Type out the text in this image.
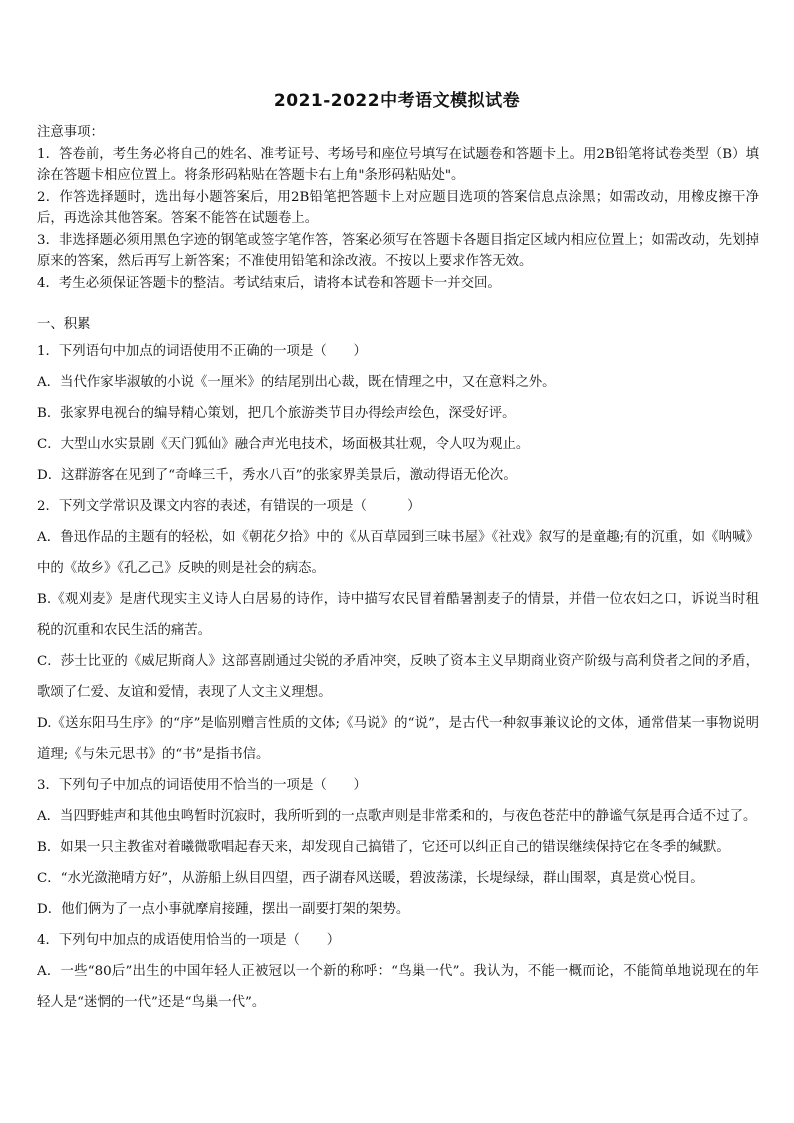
2021-2022中考语文模拟试卷
注意事项：
1．答卷前，考生务必将自己的姓名、准考证号、考场号和座位号填写在试题卷和答题卡上。用2B铅笔将试卷类型（B）填涂在答题卡相应位置上。将条形码粘贴在答题卡右上角"条形码粘贴处"。
2．作答选择题时，选出每小题答案后，用2B铅笔把答题卡上对应题目选项的答案信息点涂黑；如需改动，用橡皮擦干净后，再选涂其他答案。答案不能答在试题卷上。
3．非选择题必须用黑色字迹的钢笔或签字笔作答，答案必须写在答题卡各题目指定区域内相应位置上；如需改动，先划掉原来的答案，然后再写上新答案；不准使用铅笔和涂改液。不按以上要求作答无效。
4．考生必须保证答题卡的整洁。考试结束后，请将本试卷和答题卡一并交回。
一、积累
1．下列语句中加点的词语使用不正确的一项是（　　）
A．当代作家毕淑敏的小说《一厘米》的结尾别出心裁，既在情理之中，又在意料之外。
B．张家界电视台的编导精心策划，把几个旅游类节目办得绘声绘色，深受好评。
C．大型山水实景剧《天门狐仙》融合声光电技术，场面极其壮观，令人叹为观止。
D．这群游客在见到了“奇峰三千，秀水八百”的张家界美景后，激动得语无伦次。
2．下列文学常识及课文内容的表述，有错误的一项是（　　　）
A．鲁迅作品的主题有的轻松，如《朝花夕拾》中的《从百草园到三味书屋》《社戏》叙写的是童趣;有的沉重，如《呐喊》中的《故乡》《孔乙己》反映的则是社会的病态。
B.《观刈麦》是唐代现实主义诗人白居易的诗作，诗中描写农民冒着酷暑割麦子的情景，并借一位农妇之口，诉说当时租税的沉重和农民生活的痛苦。
C．莎士比亚的《威尼斯商人》这部喜剧通过尖锐的矛盾冲突，反映了资本主义早期商业资产阶级与高利贷者之间的矛盾，歌颂了仁爱、友谊和爱情，表现了人文主义理想。
D.《送东阳马生序》的“序”是临别赠言性质的文体;《马说》的“说”，是古代一种叙事兼议论的文体，通常借某一事物说明道理;《与朱元思书》的“书”是指书信。
3．下列句子中加点的词语使用不恰当的一项是（　　）
A．当四野蛙声和其他虫鸣暂时沉寂时，我所听到的一点歌声则是非常柔和的，与夜色苍茫中的静谧气氛是再合适不过了。
B．如果一只主教雀对着曦微歌唱起春天来，却发现自己搞错了，它还可以纠正自己的错误继续保持它在冬季的缄默。
C．“水光潋滟晴方好”，从游船上纵目四望，西子湖春风送暖，碧波荡漾，长堤绿绿，群山围翠，真是赏心悦目。
D．他们俩为了一点小事就摩肩接踵，摆出一副要打架的架势。
4．下列句中加点的成语使用恰当的一项是（　　）
A．一些“80后”出生的中国年轻人正被冠以一个新的称呼：“鸟巢一代”。我认为，不能一概而论，不能简单地说现在的年轻人是“迷惘的一代”还是“鸟巢一代”。
